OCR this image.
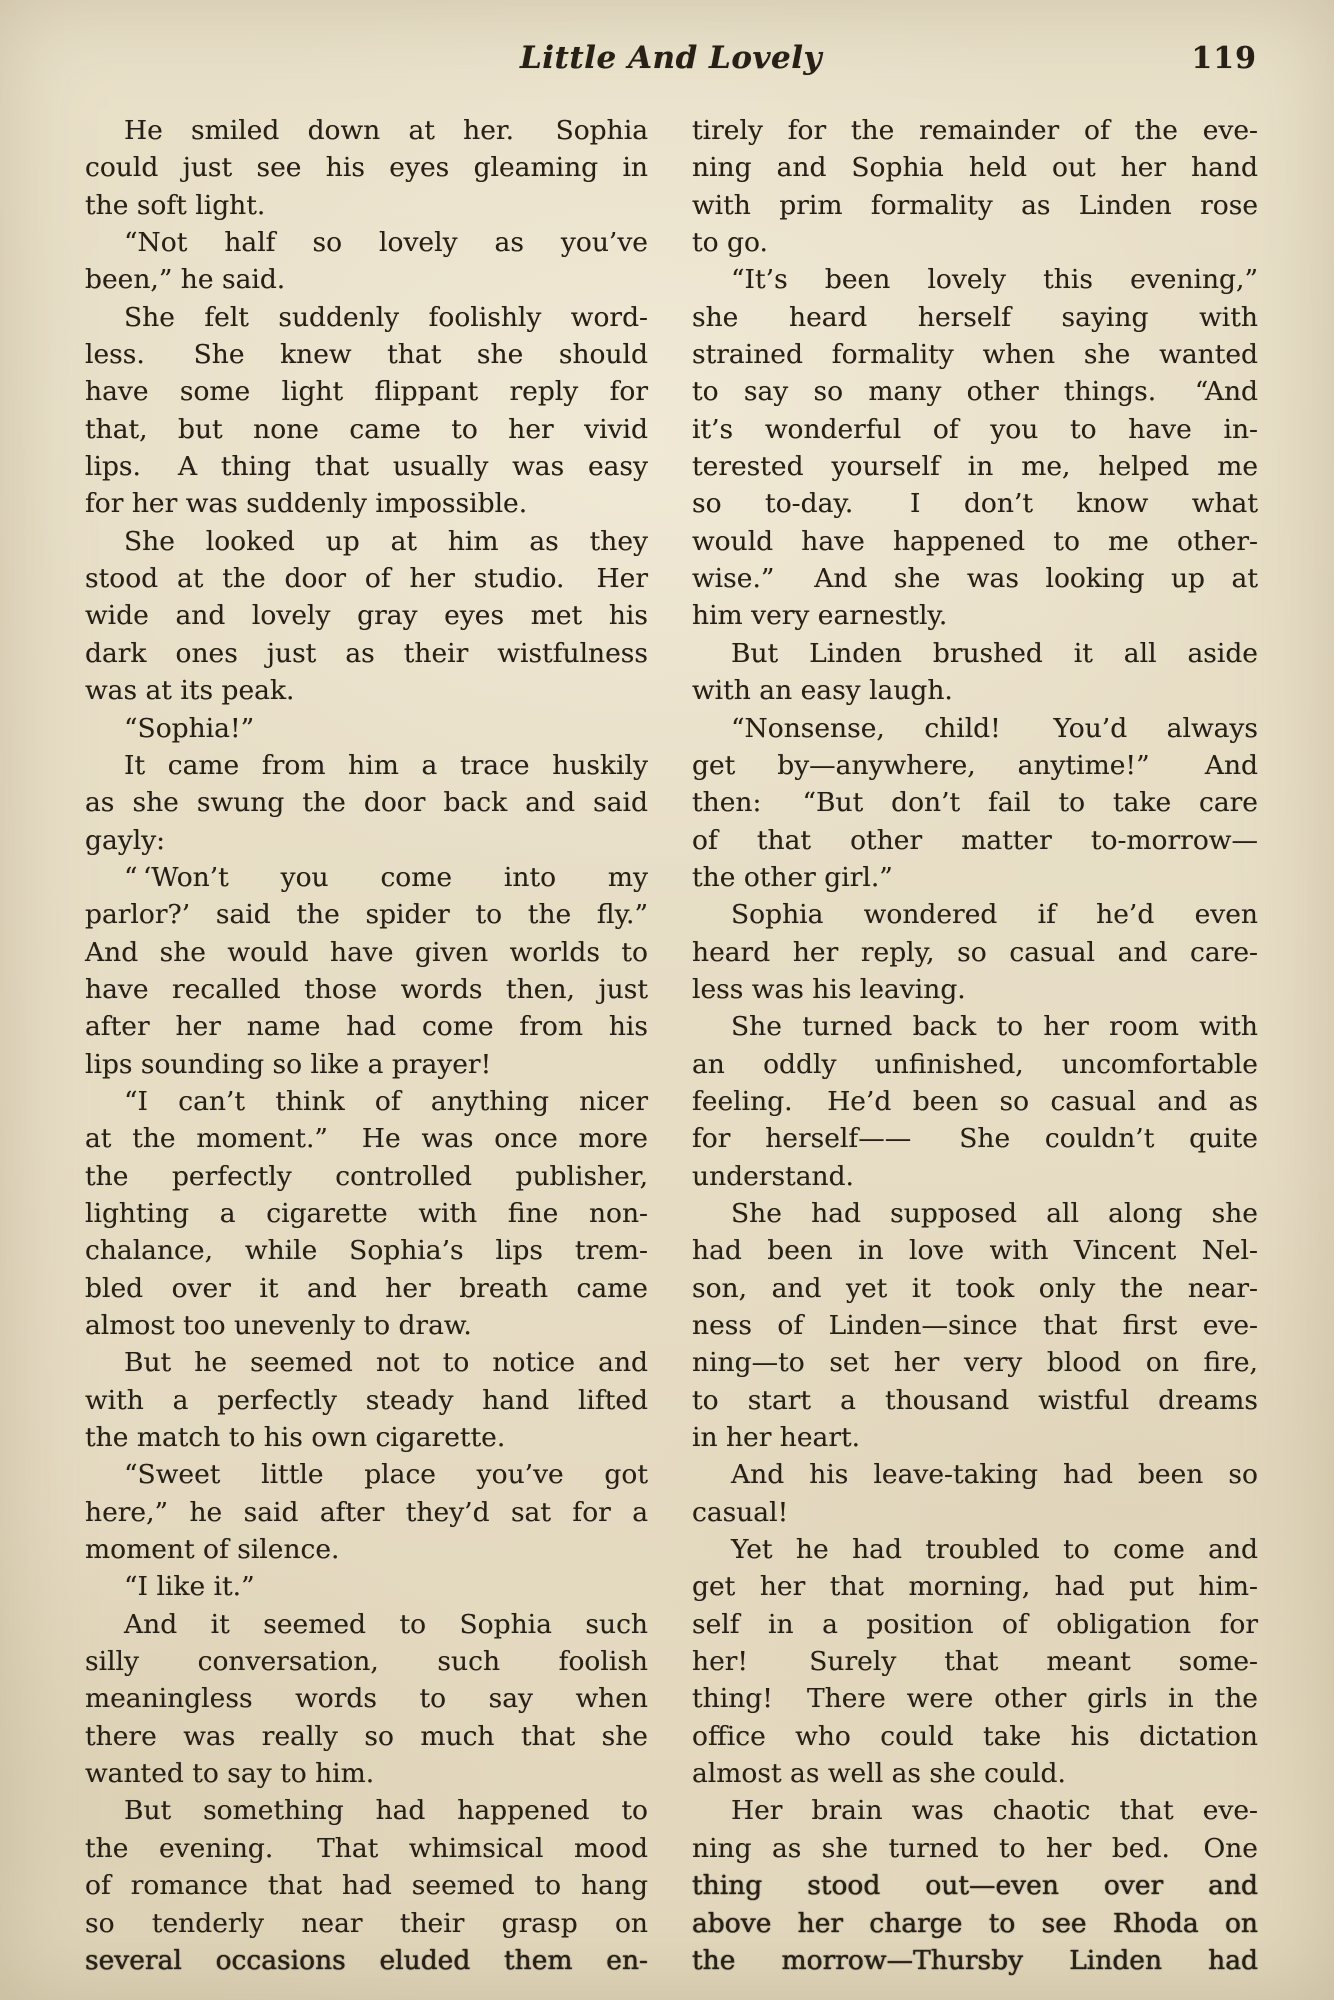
Little And Lovely	119
He smiled down at her.  Sophia
could just see his eyes gleaming in
the soft light.
“Not half so lovely as you’ve
been,” he said.
She felt suddenly foolishly word-
less.  She knew that she should
have some light flippant reply for
that, but none came to her vivid
lips.  A thing that usually was easy
for her was suddenly impossible.
She looked up at him as they
stood at the door of her studio.  Her
wide and lovely gray eyes met his
dark ones just as their wistfulness
was at its peak.
“Sophia!”
It came from him a trace huskily
as she swung the door back and said
gayly:
“ ‘Won’t you come into my
parlor?’ said the spider to the fly.”
And she would have given worlds to
have recalled those words then, just
after her name had come from his
lips sounding so like a prayer!
“I can’t think of anything nicer
at the moment.”  He was once more
the perfectly controlled publisher,
lighting a cigarette with fine non-
chalance, while Sophia’s lips trem-
bled over it and her breath came
almost too unevenly to draw.
But he seemed not to notice and
with a perfectly steady hand lifted
the match to his own cigarette.
“Sweet little place you’ve got
here,” he said after they’d sat for a
moment of silence.
“I like it.”
And it seemed to Sophia such
silly conversation, such foolish
meaningless words to say when
there was really so much that she
wanted to say to him.
But something had happened to
the evening.  That whimsical mood
of romance that had seemed to hang
so tenderly near their grasp on
several occasions eluded them en-
tirely for the remainder of the eve-
ning and Sophia held out her hand
with prim formality as Linden rose
to go.
“It’s been lovely this evening,”
she heard herself saying with
strained formality when she wanted
to say so many other things.  “And
it’s wonderful of you to have in-
terested yourself in me, helped me
so to-day.  I don’t know what
would have happened to me other-
wise.”  And she was looking up at
him very earnestly.
But Linden brushed it all aside
with an easy laugh.
“Nonsense, child!  You’d always
get by—anywhere, anytime!”  And
then:  “But don’t fail to take care
of that other matter to-morrow—
the other girl.”
Sophia wondered if he’d even
heard her reply, so casual and care-
less was his leaving.
She turned back to her room with
an oddly unfinished, uncomfortable
feeling.  He’d been so casual and as
for herself——  She couldn’t quite
understand.
She had supposed all along she
had been in love with Vincent Nel-
son, and yet it took only the near-
ness of Linden—since that first eve-
ning—to set her very blood on fire,
to start a thousand wistful dreams
in her heart.
And his leave-taking had been so
casual!
Yet he had troubled to come and
get her that morning, had put him-
self in a position of obligation for
her!  Surely that meant some-
thing!  There were other girls in the
office who could take his dictation
almost as well as she could.
Her brain was chaotic that eve-
ning as she turned to her bed.  One
thing stood out—even over and
above her charge to see Rhoda on
the morrow—Thursby Linden had
